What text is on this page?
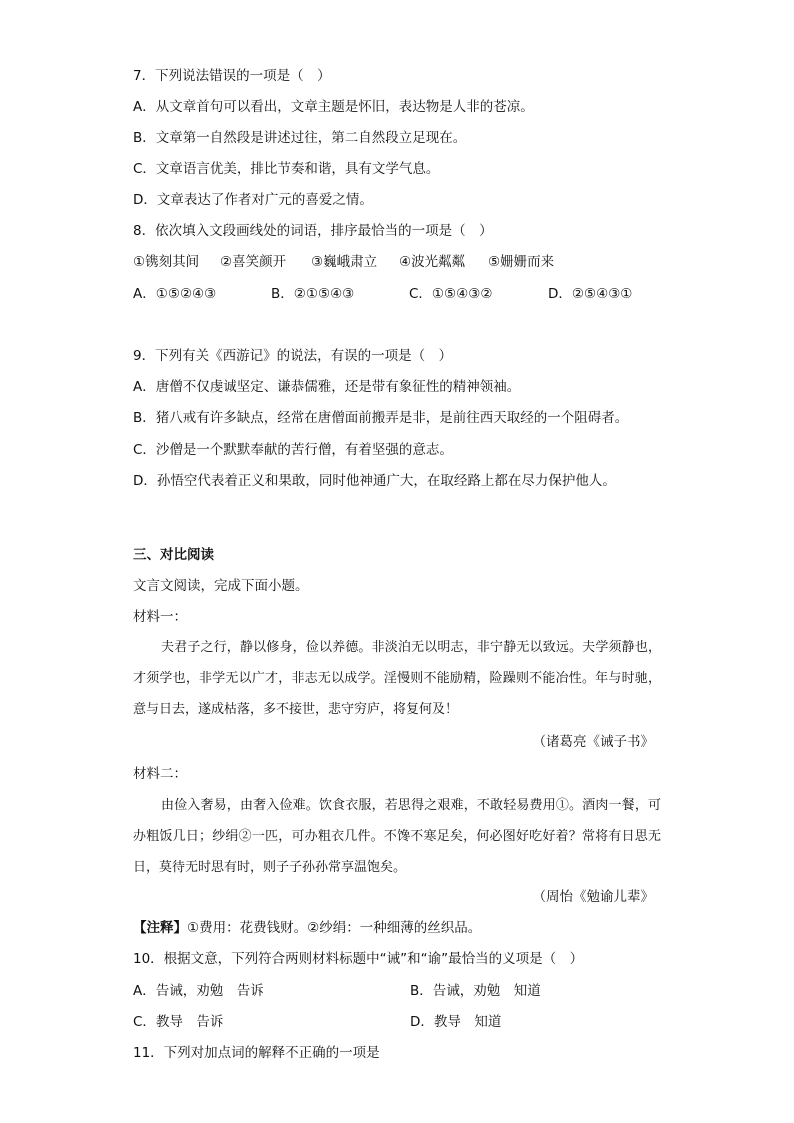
7．下列说法错误的一项是（　）
A．从文章首句可以看出，文章主题是怀旧，表达物是人非的苍凉。
B．文章第一自然段是讲述过往，第二自然段立足现在。
C．文章语言优美，排比节奏和谐，具有文学气息。
D．文章表达了作者对广元的喜爱之情。
8．依次填入文段画线处的词语，排序最恰当的一项是（　）
①镌刻其间 ②喜笑颜开 ③巍峨肃立 ④波光粼粼 ⑤姗姗而来
A．①⑤②④③	B．②①⑤④③	C．①⑤④③②	D．②⑤④③①
9．下列有关《西游记》的说法，有误的一项是（　）
A．唐僧不仅虔诚坚定、谦恭儒雅，还是带有象征性的精神领袖。
B．猪八戒有许多缺点，经常在唐僧面前搬弄是非，是前往西天取经的一个阻碍者。
C．沙僧是一个默默奉献的苦行僧，有着坚强的意志。
D．孙悟空代表着正义和果敢，同时他神通广大，在取经路上都在尽力保护他人。
三、对比阅读
文言文阅读，完成下面小题。
材料一：

夫君子之行，静以修身，俭以养德。非淡泊无以明志，非宁静无以致远。夫学须静也，才须学也，非学无以广才，非志无以成学。淫慢则不能励精，险躁则不能冶性。年与时驰，意与日去，遂成枯落，多不接世，悲守穷庐，将复何及！

（诸葛亮《诫子书》
材料二：

由俭入奢易，由奢入俭难。饮食衣服，若思得之艰难，不敢轻易费用①。酒肉一餐，可办粗饭几日；纱绢②一匹，可办粗衣几件。不馋不寒足矣，何必图好吃好着？常将有日思无日，莫待无时思有时，则子子孙孙常享温饱矣。

（周怡《勉谕儿辈》
【注释】①费用：花费钱财。②纱绢：一种细薄的丝织品。
10．根据文意，下列符合两则材料标题中“诫”和“谕”最恰当的义项是（　）
A．告诫，劝勉　告诉	B．告诫，劝勉　知道
C．教导　告诉	D．教导　知道
11．下列对加点词的解释不正确的一项是
